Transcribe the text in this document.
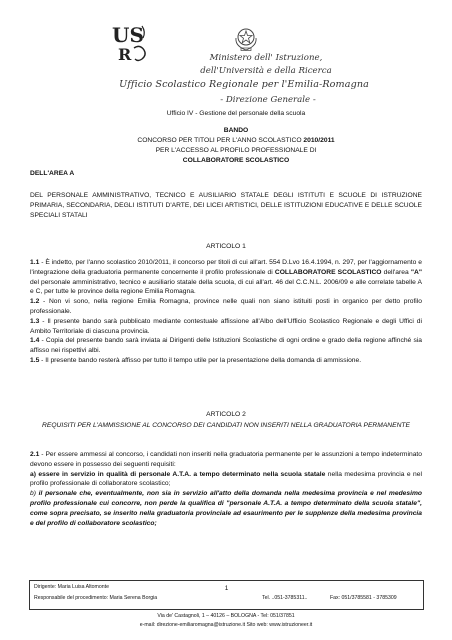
US
R	Ministero dell' Istruzione,
dell'Università e della Ricerca
Ufficio Scolastico Regionale per l'Emilia-Romagna
- Direzione Generale -
Ufficio IV - Gestione del personale della scuola
BANDO
CONCORSO PER TITOLI PER L'ANNO SCOLASTICO 2010/2011
PER L'ACCESSO AL PROFILO PROFESSIONALE DI
COLLABORATORE SCOLASTICO
DELL'AREA A

DEL PERSONALE AMMINISTRATIVO, TECNICO E AUSILIARIO STATALE DEGLI ISTITUTI E SCUOLE DI ISTRUZIONE PRIMARIA, SECONDARIA, DEGLI ISTITUTI D'ARTE, DEI LICEI ARTISTICI, DELLE ISTITUZIONI EDUCATIVE E DELLE SCUOLE SPECIALI STATALI

ARTICOLO 1

1.1 - È indetto, per l'anno scolastico 2010/2011, il concorso per titoli di cui all'art. 554 D.Lvo 16.4.1994, n. 297, per l'aggiornamento e l'integrazione della graduatoria permanente concernente il profilo professionale di COLLABORATORE SCOLASTICO dell'area "A" del personale amministrativo, tecnico e ausiliario statale della scuola, di cui all'art. 46 del C.C.N.L. 2006/09 e alle correlate tabelle A e C, per tutte le province della regione Emilia Romagna.

1.2 - Non vi sono, nella regione Emilia Romagna, province nelle quali non siano istituiti posti in organico per detto profilo professionale.

1.3 - Il presente bando sarà pubblicato mediante contestuale affissione all'Albo dell'Ufficio Scolastico Regionale e degli Uffici di Ambito Territoriale di ciascuna provincia.

1.4 - Copia del presente bando sarà inviata ai Dirigenti delle Istituzioni Scolastiche di ogni ordine e grado della regione affinché sia affisso nei rispettivi albi.

1.5 - Il presente bando resterà affisso per tutto il tempo utile per la presentazione della domanda di ammissione.

ARTICOLO 2
REQUISITI PER L'AMMISSIONE AL CONCORSO DEI CANDIDATI NON INSERITI NELLA GRADUATORIA PERMANENTE

2.1 - Per essere ammessi al concorso, i candidati non inseriti nella graduatoria permanente per le assunzioni a tempo indeterminato devono essere in possesso dei seguenti requisiti:

a) essere in servizio in qualità di personale A.T.A. a tempo determinato nella scuola statale nella medesima provincia e nel profilo professionale di collaboratore scolastico;

b) il personale che, eventualmente, non sia in servizio all'atto della domanda nella medesima provincia e nel medesimo profilo professionale cui concorre, non perde la qualifica di "personale A.T.A. a tempo determinato della scuola statale", come sopra precisato, se inserito nella graduatoria provinciale ad esaurimento per le supplenze della medesima provincia e del profilo di collaboratore scolastico;

Dirigente: Maria Luisa Altomonte	1
Responsabile del procedimento: Maria Serena Borgia	Tel. ..051-3785311..	Fax: 051/3785581 - 3785309
Via de' Castagnoli, 1 – 40126 – BOLOGNA - Tel: 051/37851
e-mail: direzione-emiliaromagna@istruzione.it Sito web: www.istruzioneer.it
